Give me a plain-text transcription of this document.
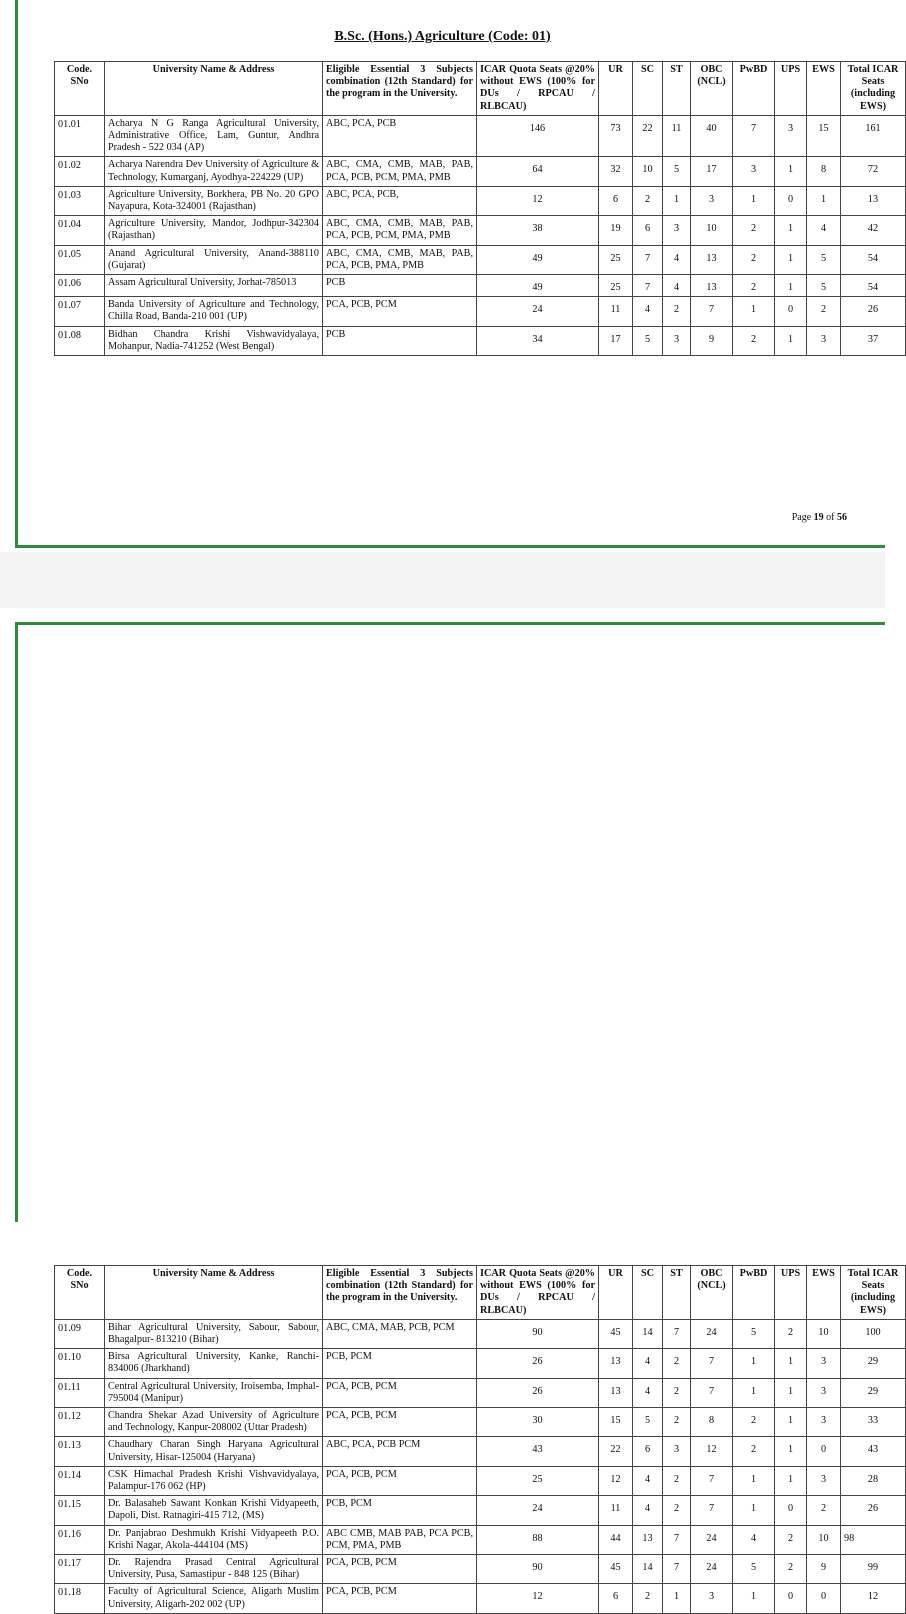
B.Sc. (Hons.) Agriculture (Code: 01)
Code. SNo	University Name & Address	Eligible Essential 3 Subjects combination (12th Standard) for the program in the University.	ICAR Quota Seats @20% without EWS (100% for DUs / RPCAU / RLBCAU)	UR	SC	ST	OBC (NCL)	PwBD	UPS	EWS	Total ICAR Seats (including EWS)
01.01	Acharya N G Ranga Agricultural University, Administrative Office, Lam, Guntur, Andhra Pradesh - 522 034 (AP)	ABC, PCA, PCB	146	73	22	11	40	7	3	15	161
01.02	Acharya Narendra Dev University of Agriculture & Technology, Kumarganj, Ayodhya-224229 (UP)	ABC, CMA, CMB, MAB, PAB, PCA, PCB, PCM, PMA, PMB	64	32	10	5	17	3	1	8	72
01.03	Agriculture University, Borkhera, PB No. 20 GPO Nayapura, Kota-324001 (Rajasthan)	ABC, PCA, PCB,	12	6	2	1	3	1	0	1	13
01.04	Agriculture University, Mandor, Jodhpur-342304 (Rajasthan)	ABC, CMA, CMB, MAB, PAB, PCA, PCB, PCM, PMA, PMB	38	19	6	3	10	2	1	4	42
01.05	Anand Agricultural University, Anand-388110 (Gujarat)	ABC, CMA, CMB, MAB, PAB, PCA, PCB, PMA, PMB	49	25	7	4	13	2	1	5	54
01.06	Assam Agricultural University, Jorhat-785013	PCB	49	25	7	4	13	2	1	5	54
01.07	Banda University of Agriculture and Technology, Chilla Road, Banda-210 001 (UP)	PCA, PCB, PCM	24	11	4	2	7	1	0	2	26
01.08	Bidhan Chandra Krishi Vishwavidyalaya, Mohanpur, Nadia-741252 (West Bengal)	PCB	34	17	5	3	9	2	1	3	37
Page 19 of 56
Code. SNo	University Name & Address	Eligible Essential 3 Subjects combination (12th Standard) for the program in the University.	ICAR Quota Seats @20% without EWS (100% for DUs / RPCAU / RLBCAU)	UR	SC	ST	OBC (NCL)	PwBD	UPS	EWS	Total ICAR Seats (including EWS)
01.09	Bihar Agricultural University, Sabour, Sabour, Bhagalpur- 813210 (Bihar)	ABC, CMA, MAB, PCB, PCM	90	45	14	7	24	5	2	10	100
01.10	Birsa Agricultural University, Kanke, Ranchi-834006 (Jharkhand)	PCB, PCM	26	13	4	2	7	1	1	3	29
01.11	Central Agricultural University, Iroisemba, Imphal-795004 (Manipur)	PCA, PCB, PCM	26	13	4	2	7	1	1	3	29
01.12	Chandra Shekar Azad University of Agriculture and Technology, Kanpur-208002 (Uttar Pradesh)	PCA, PCB, PCM	30	15	5	2	8	2	1	3	33
01.13	Chaudhary Charan Singh Haryana Agricultural University, Hisar-125004 (Haryana)	ABC, PCA, PCB PCM	43	22	6	3	12	2	1	0	43
01.14	CSK Himachal Pradesh Krishi Vishvavidyalaya, Palampur-176 062 (HP)	PCA, PCB, PCM	25	12	4	2	7	1	1	3	28
01.15	Dr. Balasaheb Sawant Konkan Krishi Vidyapeeth, Dapoli, Dist. Ratnagiri-415 712, (MS)	PCB, PCM	24	11	4	2	7	1	0	2	26
01.16	Dr. Panjabrao Deshmukh Krishi Vidyapeeth P.O. Krishi Nagar, Akola-444104 (MS)	ABC CMB, MAB PAB, PCA PCB, PCM, PMA, PMB	88	44	13	7	24	4	2	10	98
01.17	Dr. Rajendra Prasad Central Agricultural University, Pusa, Samastipur - 848 125 (Bihar)	PCA, PCB, PCM	90	45	14	7	24	5	2	9	99
01.18	Faculty of Agricultural Science, Aligarh Muslim University, Aligarh-202 002 (UP)	PCA, PCB, PCM	12	6	2	1	3	1	0	0	12
